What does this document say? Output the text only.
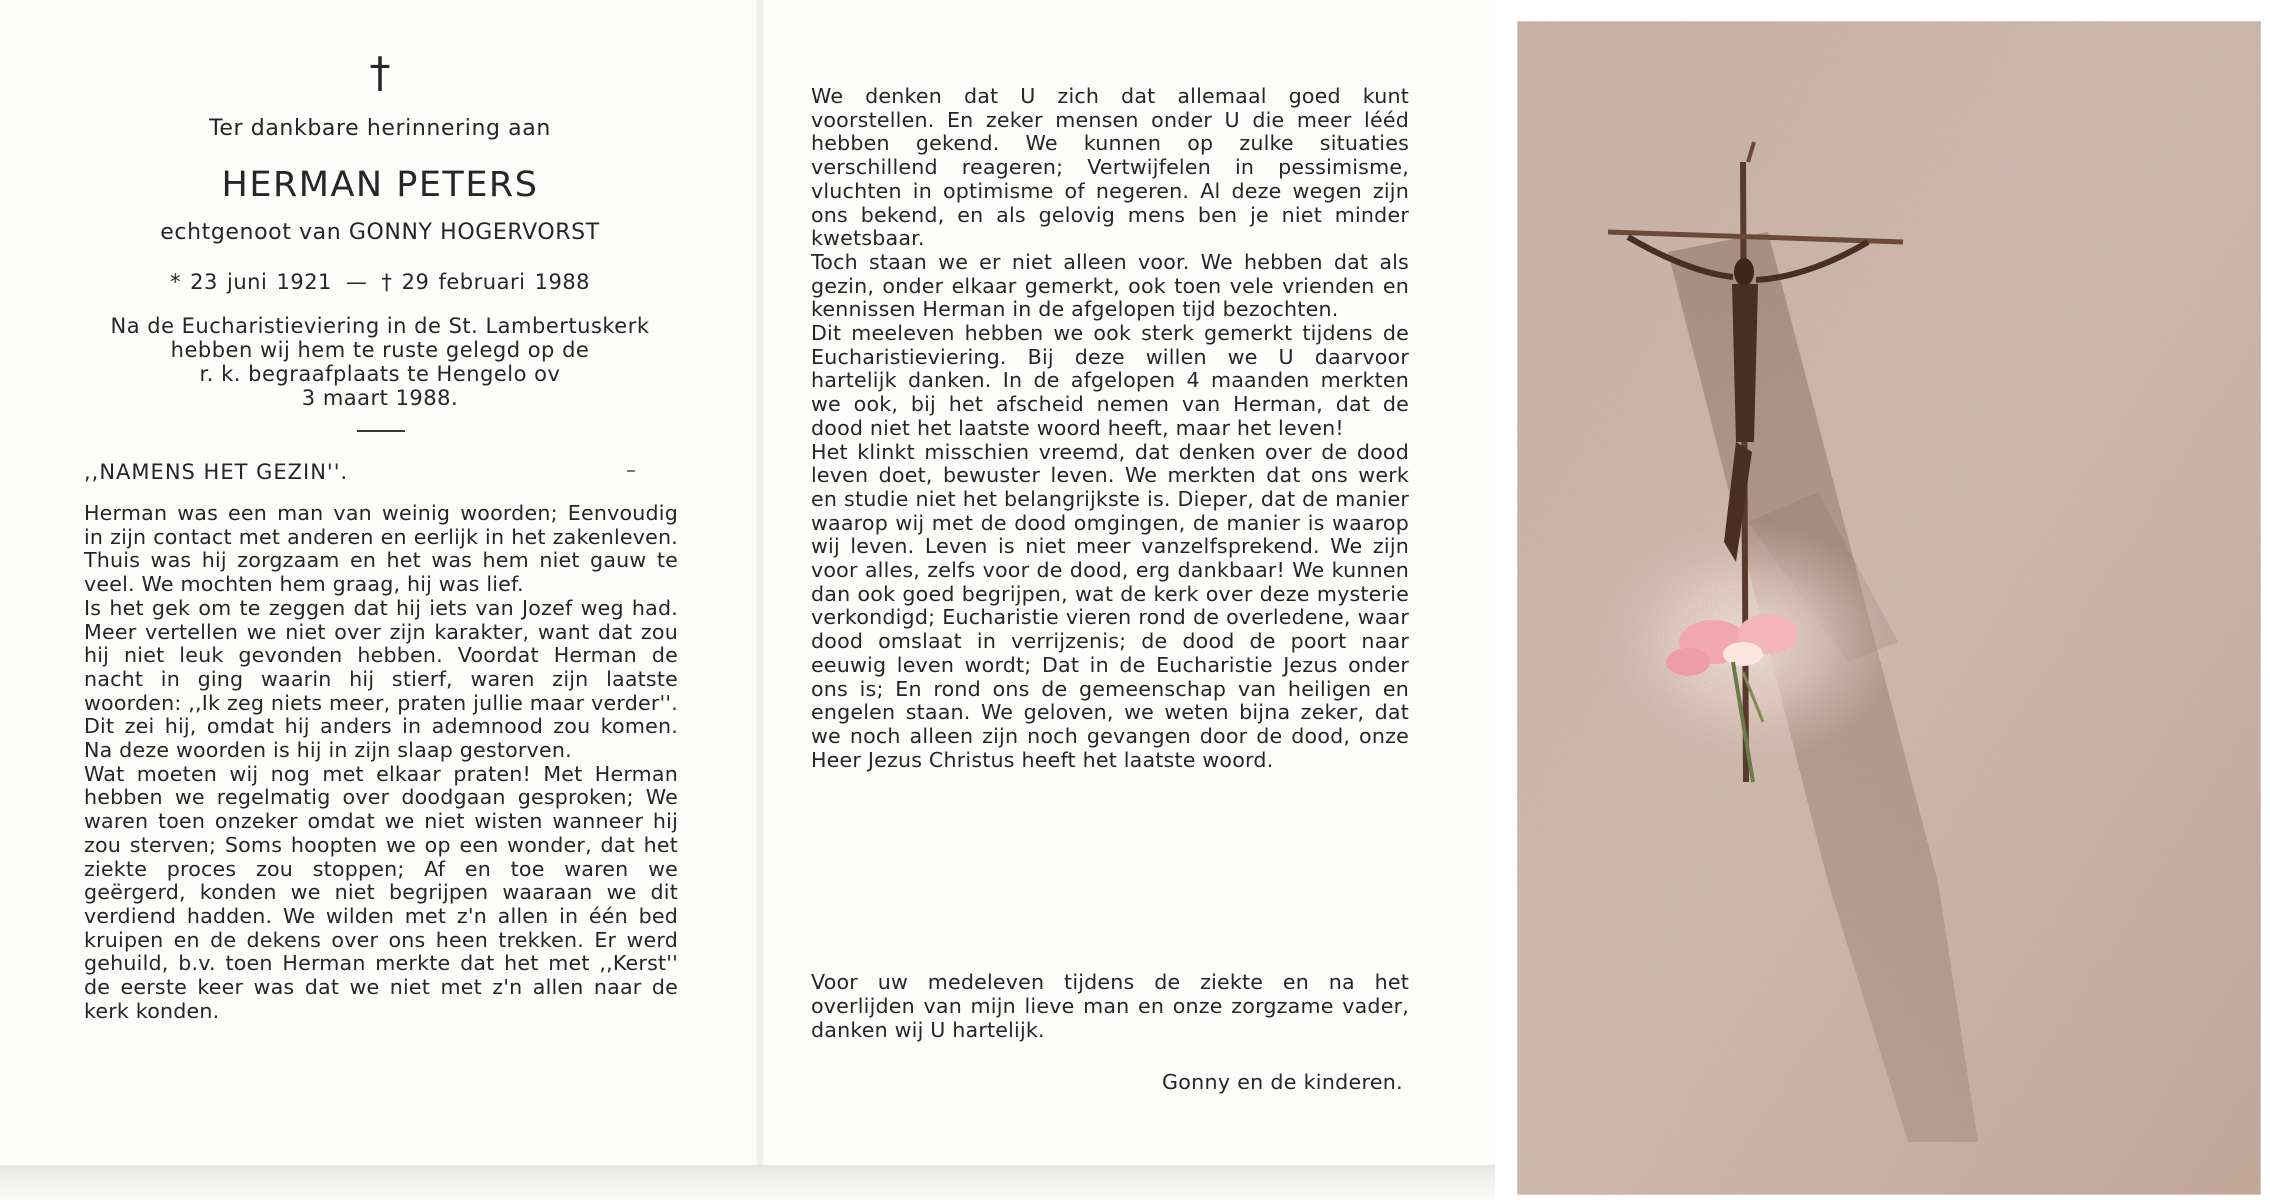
†
Ter dankbare herinnering aan
HERMAN PETERS
echtgenoot van GONNY HOGERVORST
* 23 juni 1921 — † 29 februari 1988
Na de Eucharistieviering in de St. Lambertuskerk
hebben wij hem te ruste gelegd op de
r. k. begraafplaats te Hengelo ov
3 maart 1988.
,,NAMENS HET GEZIN''.

Herman was een man van weinig woorden; Eenvoudig in zijn contact met anderen en eerlijk in het zakenleven. Thuis was hij zorgzaam en het was hem niet gauw te veel. We mochten hem graag, hij was lief.

Is het gek om te zeggen dat hij iets van Jozef weg had. Meer vertellen we niet over zijn karakter, want dat zou hij niet leuk gevonden hebben. Voordat Herman de nacht in ging waarin hij stierf, waren zijn laatste woorden: ,,Ik zeg niets meer, praten jullie maar verder''. Dit zei hij, omdat hij anders in ademnood zou komen. Na deze woorden is hij in zijn slaap gestorven.

Wat moeten wij nog met elkaar praten! Met Herman hebben we regelmatig over doodgaan gesproken; We waren toen onzeker omdat we niet wisten wanneer hij zou sterven; Soms hoopten we op een wonder, dat het ziekte proces zou stoppen; Af en toe waren we geërgerd, konden we niet begrijpen waaraan we dit verdiend hadden. We wilden met z'n allen in één bed kruipen en de dekens over ons heen trekken. Er werd gehuild, b.v. toen Herman merkte dat het met ,,Kerst'' de eerste keer was dat we niet met z'n allen naar de kerk konden.

We denken dat U zich dat allemaal goed kunt voorstellen. En zeker mensen onder U die meer lééd hebben gekend. We kunnen op zulke situaties verschillend reageren; Vertwijfelen in pessimisme, vluchten in optimisme of negeren. Al deze wegen zijn ons bekend, en als gelovig mens ben je niet minder kwetsbaar.

Toch staan we er niet alleen voor. We hebben dat als gezin, onder elkaar gemerkt, ook toen vele vrienden en kennissen Herman in de afgelopen tijd bezochten.

Dit meeleven hebben we ook sterk gemerkt tijdens de Eucharistieviering. Bij deze willen we U daarvoor hartelijk danken. In de afgelopen 4 maanden merkten we ook, bij het afscheid nemen van Herman, dat de dood niet het laatste woord heeft, maar het leven!

Het klinkt misschien vreemd, dat denken over de dood leven doet, bewuster leven. We merkten dat ons werk en studie niet het belangrijkste is. Dieper, dat de manier waarop wij met de dood omgingen, de manier is waarop wij leven. Leven is niet meer vanzelfsprekend. We zijn voor alles, zelfs voor de dood, erg dankbaar! We kunnen dan ook goed begrijpen, wat de kerk over deze mysterie verkondigd; Eucharistie vieren rond de overledene, waar dood omslaat in verrijzenis; de dood de poort naar eeuwig leven wordt; Dat in de Eucharistie Jezus onder ons is; En rond ons de gemeenschap van heiligen en engelen staan. We geloven, we weten bijna zeker, dat we noch alleen zijn noch gevangen door de dood, onze Heer Jezus Christus heeft het laatste woord.

Voor uw medeleven tijdens de ziekte en na het overlijden van mijn lieve man en onze zorgzame vader, danken wij U hartelijk.
Gonny en de kinderen.
